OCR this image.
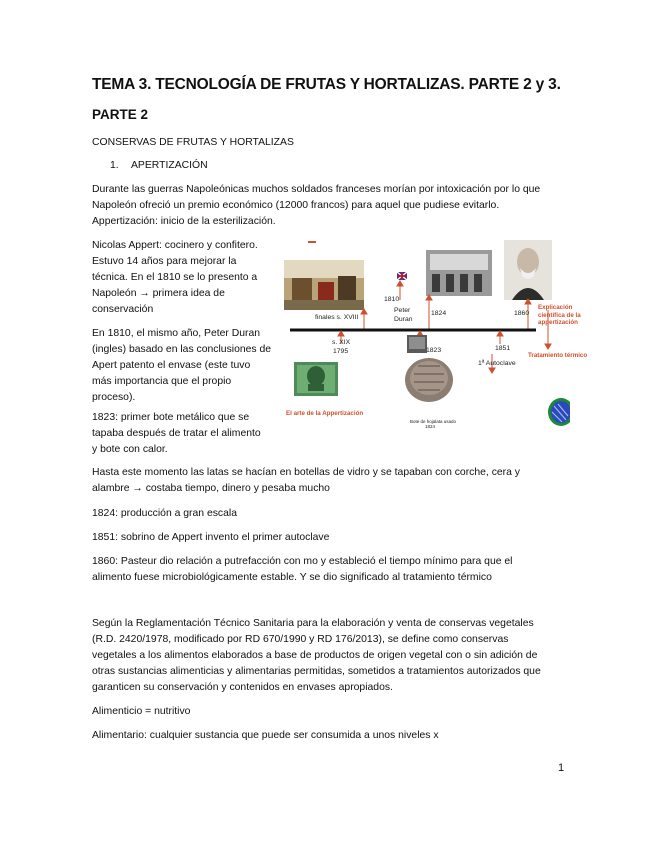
TEMA 3. TECNOLOGÍA DE FRUTAS Y HORTALIZAS. PARTE 2 y 3.
PARTE 2
CONSERVAS DE FRUTAS Y HORTALIZAS
1. APERTIZACIÓN
Durante las guerras Napoleónicas muchos soldados franceses morían por intoxicación por lo que
Napoleón ofreció un premio económico (12000 francos) para aquel que pudiese evitarlo.
Appertización: inicio de la esterilización.
Nicolas Appert: cocinero y confitero.
Estuvo 14 años para mejorar la
técnica. En el 1810 se lo presento a
Napoleón → primera idea de
conservación
En 1810, el mismo año, Peter Duran
(ingles) basado en las conclusiones de
Apert patento el envase (este tuvo
más importancia que el propio
proceso).
1823: primer bote metálico que se
tapaba después de tratar el alimento
y bote con calor.
finales s. XVIII
1810
Peter
Duran
1824	1860
Explicación
científica de la
appertización
s. XIX
1795	1823	1851
1ª Autoclave
El arte de la Appertización
Tratamiento térmico
Bote de hojalata usado
1824
Hasta este momento las latas se hacían en botellas de vidro y se tapaban con corche, cera y
alambre → costaba tiempo, dinero y pesaba mucho
1824: producción a gran escala
1851: sobrino de Appert invento el primer autoclave
1860: Pasteur dio relación a putrefacción con mo y estableció el tiempo mínimo para que el
alimento fuese microbiológicamente estable. Y se dio significado al tratamiento térmico
Según la Reglamentación Técnico Sanitaria para la elaboración y venta de conservas vegetales
(R.D. 2420/1978, modificado por RD 670/1990 y RD 176/2013), se define como conservas
vegetales a los alimentos elaborados a base de productos de origen vegetal con o sin adición de
otras sustancias alimenticias y alimentarias permitidas, sometidos a tratamientos autorizados que
garanticen su conservación y contenidos en envases apropiados.
Alimenticio = nutritivo
Alimentario: cualquier sustancia que puede ser consumida a unos niveles x
1
